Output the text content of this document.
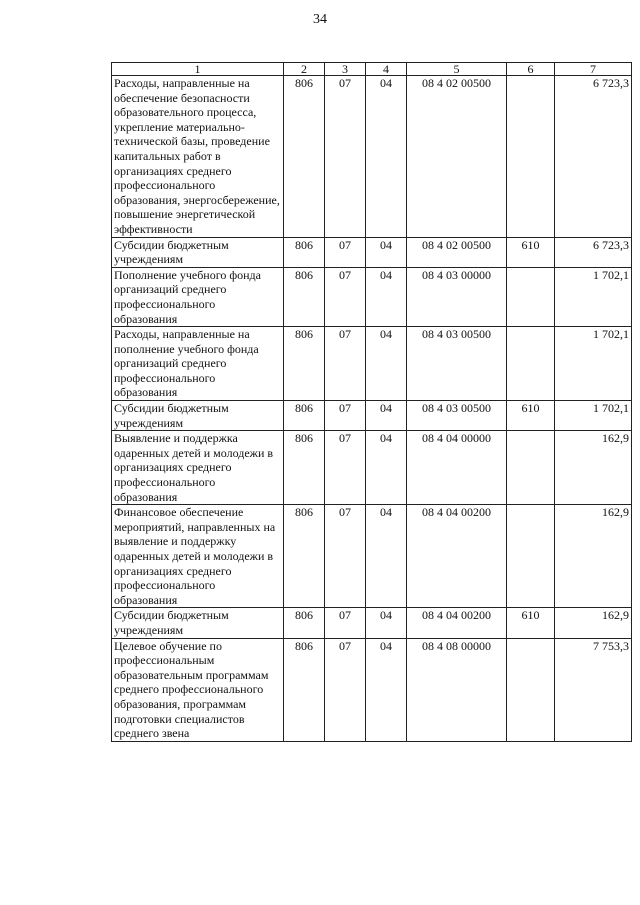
34
1	2	3	4	5	6	7
Расходы, направленные на обеспечение безопасности образовательного процесса, укрепление материально-технической базы, проведение капитальных работ в организациях среднего профессионального образования, энергосбережение, повышение энергетической эффективности	806	07	04	08 4 02 00500		6 723,3
Субсидии бюджетным учреждениям	806	07	04	08 4 02 00500	610	6 723,3
Пополнение учебного фонда организаций среднего профессионального образования	806	07	04	08 4 03 00000		1 702,1
Расходы, направленные на пополнение учебного фонда организаций среднего профессионального образования	806	07	04	08 4 03 00500		1 702,1
Субсидии бюджетным учреждениям	806	07	04	08 4 03 00500	610	1 702,1
Выявление и поддержка одаренных детей и молодежи в организациях среднего профессионального образования	806	07	04	08 4 04 00000		162,9
Финансовое обеспечение мероприятий, направленных на выявление и поддержку одаренных детей и молодежи в организациях среднего профессионального образования	806	07	04	08 4 04 00200		162,9
Субсидии бюджетным учреждениям	806	07	04	08 4 04 00200	610	162,9
Целевое обучение по профессиональным образовательным программам среднего профессионального образования, программам подготовки специалистов среднего звена	806	07	04	08 4 08 00000		7 753,3
